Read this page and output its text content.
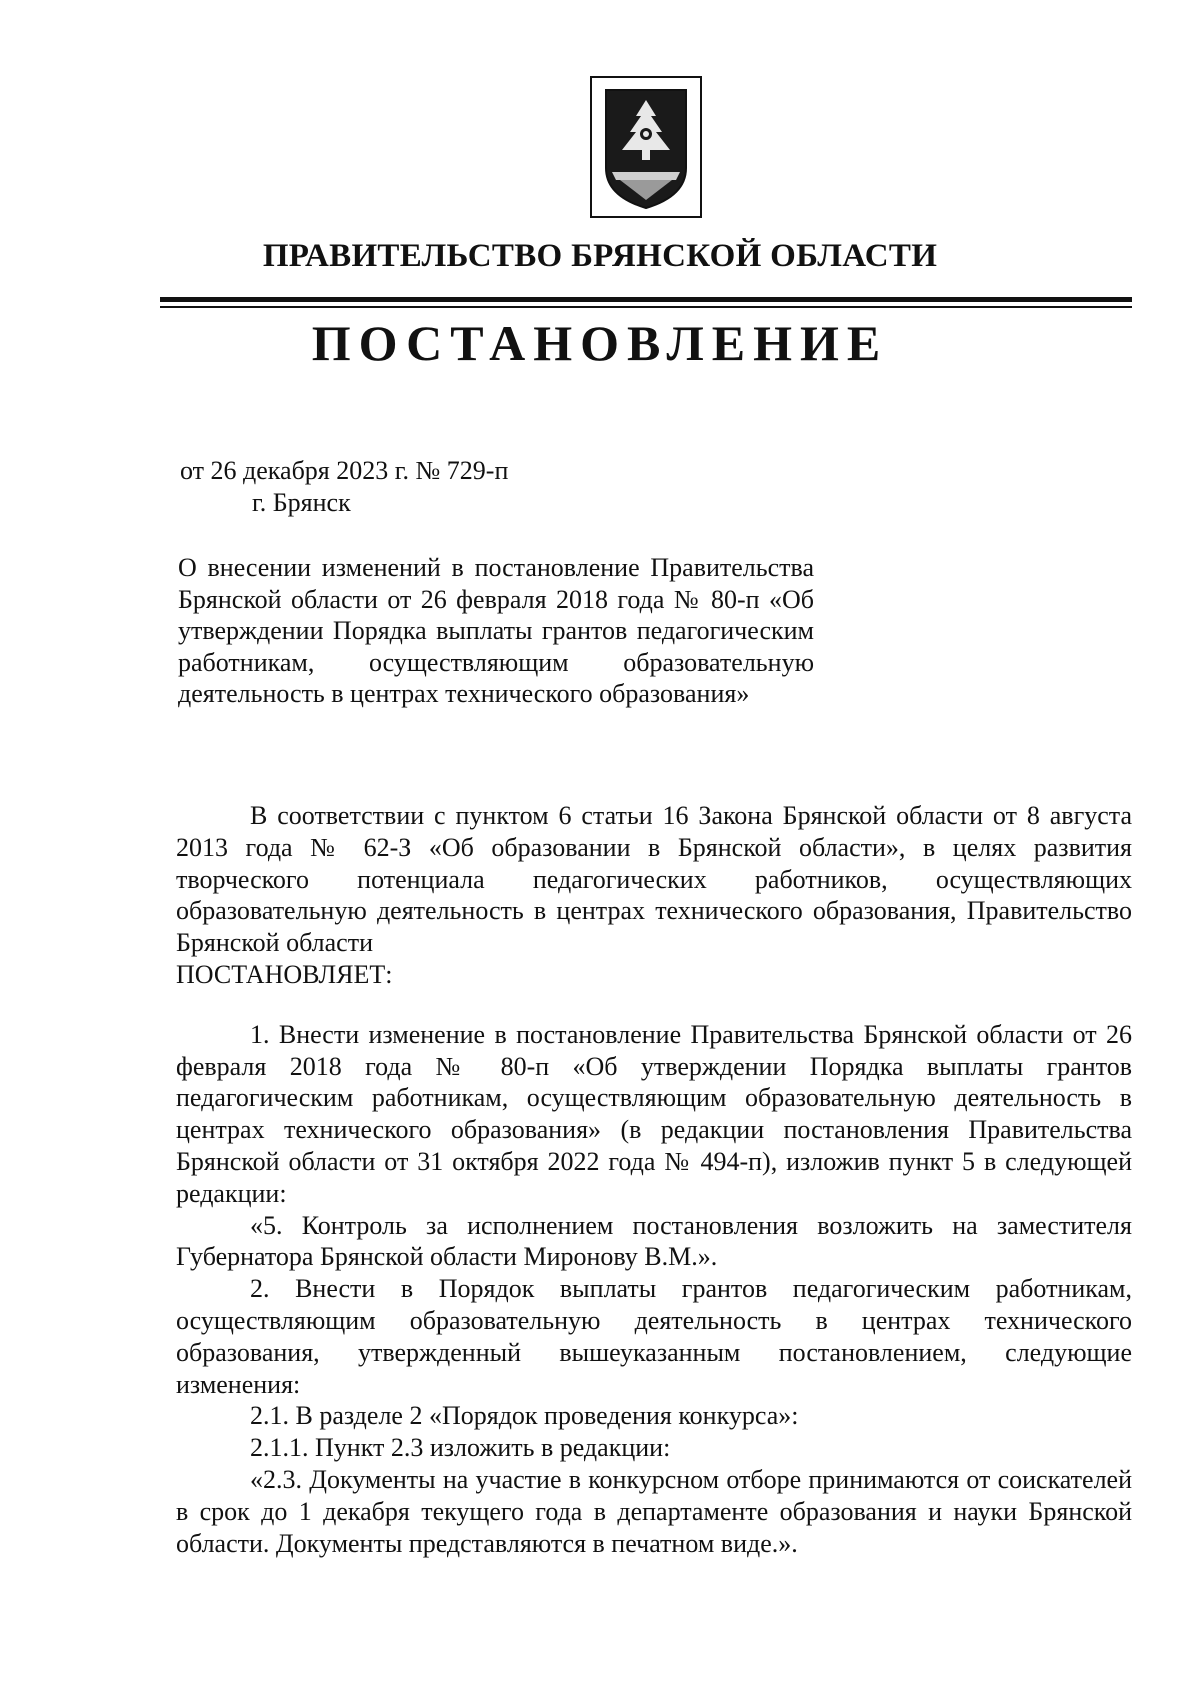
ПРАВИТЕЛЬСТВО БРЯНСКОЙ ОБЛАСТИ
ПОСТАНОВЛЕНИЕ
от 26 декабря 2023 г. № 729-п
г. Брянск
О внесении изменений в постановление Правительства Брянской области от 26 февраля 2018 года № 80-п «Об утверждении Порядка выплаты грантов педагогическим работникам, осуществляющим образовательную деятельность в центрах технического образования»

В соответствии с пунктом 6 статьи 16 Закона Брянской области от 8 августа 2013 года № 62-З «Об образовании в Брянской области», в целях развития творческого потенциала педагогических работников, осуществляющих образовательную деятельность в центрах технического образования, Правительство Брянской области

ПОСТАНОВЛЯЕТ:

1. Внести изменение в постановление Правительства Брянской области от 26 февраля 2018 года № 80-п «Об утверждении Порядка выплаты грантов педагогическим работникам, осуществляющим образовательную деятельность в центрах технического образования» (в редакции постановления Правительства Брянской области от 31 октября 2022 года № 494-п), изложив пункт 5 в следующей редакции:

«5. Контроль за исполнением постановления возложить на заместителя Губернатора Брянской области Миронову В.М.».

2. Внести в Порядок выплаты грантов педагогическим работникам, осуществляющим образовательную деятельность в центрах технического образования, утвержденный вышеуказанным постановлением, следующие изменения:

2.1. В разделе 2 «Порядок проведения конкурса»:

2.1.1. Пункт 2.3 изложить в редакции:

«2.3. Документы на участие в конкурсном отборе принимаются от соискателей в срок до 1 декабря текущего года в департаменте образования и науки Брянской области. Документы представляются в печатном виде.».
